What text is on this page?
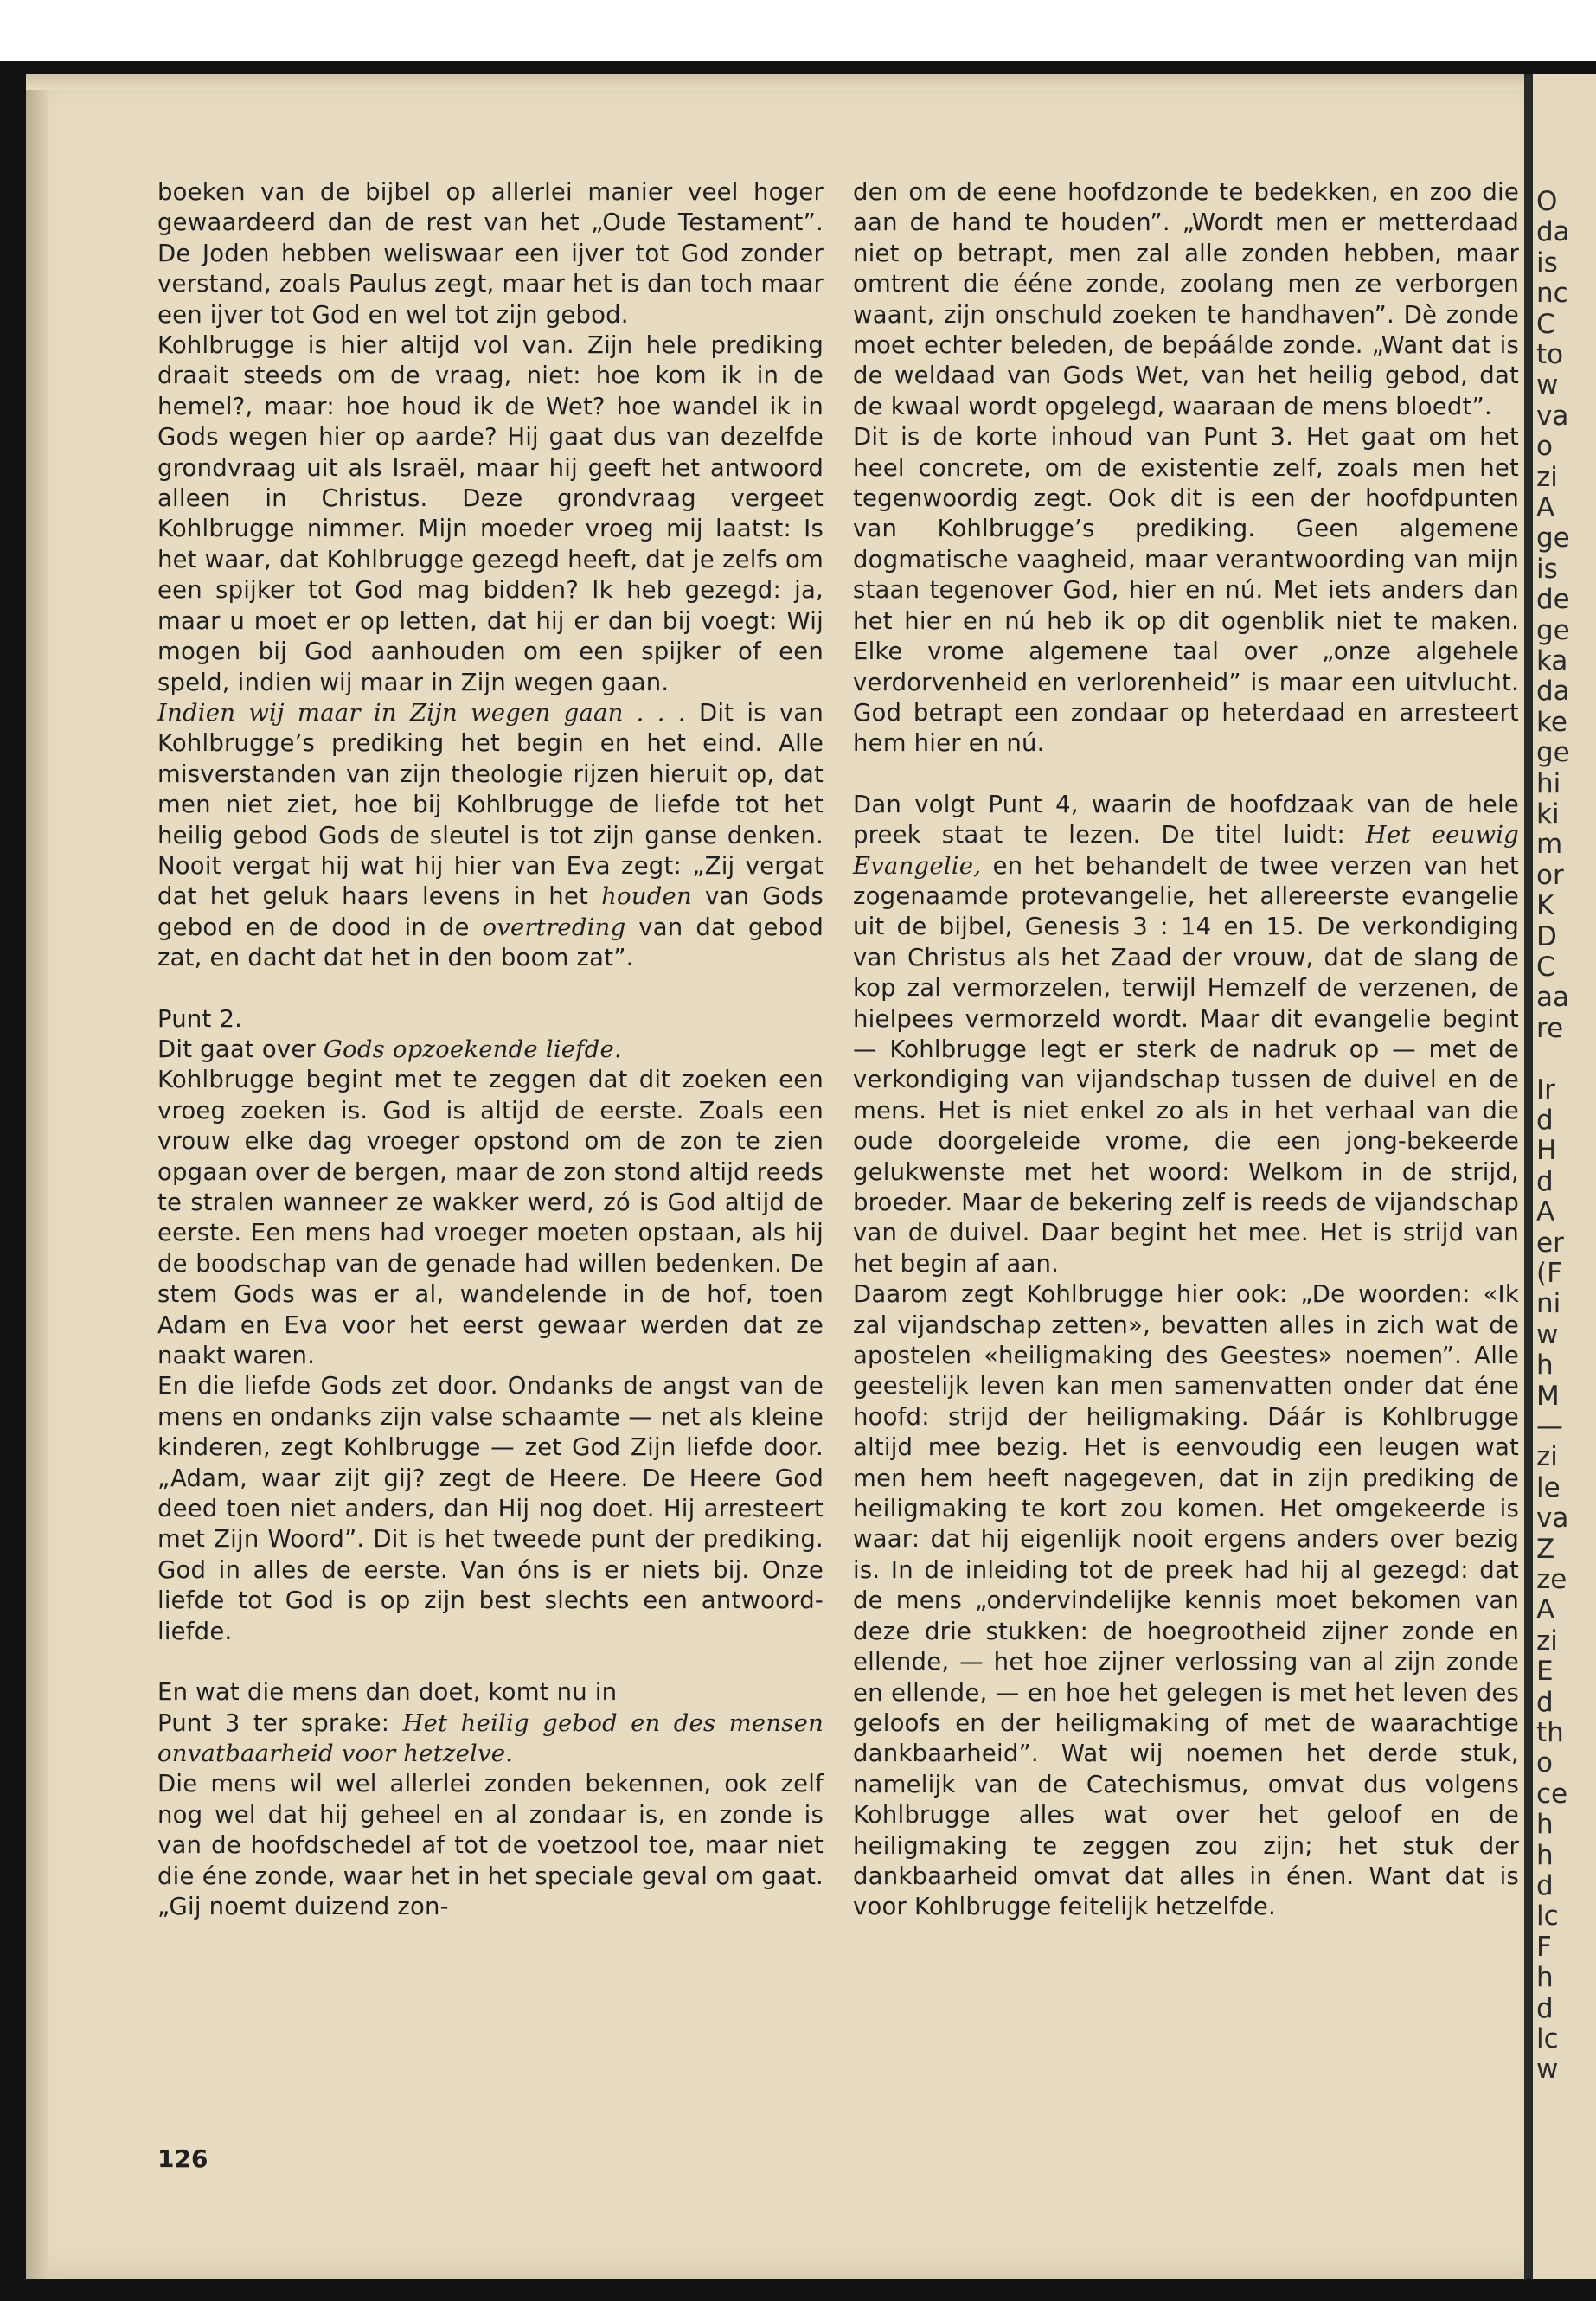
O
da
is
nc
C
to
w
va
o
zi
A
ge
is
de
ge
ka
da
ke
ge
hi
ki
m
or
K
D
C
aa
re
Ir
d
H
d
A
er
(F
ni
w
h
M
—
zi
le
va
Z
ze
A
zi
E
d
th
o
ce
h
h
d
lc
F
h
d
lc
w

boeken van de bijbel op allerlei manier veel hoger gewaardeerd dan de rest van het „Oude Testament”. De Joden hebben weliswaar een ijver tot God zonder verstand, zoals Paulus zegt, maar het is dan toch maar een ijver tot God en wel tot zijn gebod.

Kohlbrugge is hier altijd vol van. Zijn hele prediking draait steeds om de vraag, niet: hoe kom ik in de hemel?, maar: hoe houd ik de Wet? hoe wandel ik in Gods wegen hier op aarde? Hij gaat dus van dezelfde grondvraag uit als Israël, maar hij geeft het antwoord alleen in Christus. Deze grondvraag vergeet Kohlbrugge nimmer. Mijn moeder vroeg mij laatst: Is het waar, dat Kohlbrugge gezegd heeft, dat je zelfs om een spijker tot God mag bidden? Ik heb gezegd: ja, maar u moet er op letten, dat hij er dan bij voegt: Wij mogen bij God aanhouden om een spijker of een speld, indien wij maar in Zijn wegen gaan.

Indien wij maar in Zijn wegen gaan . . . Dit is van Kohlbrugge’s prediking het begin en het eind. Alle misverstanden van zijn theologie rijzen hieruit op, dat men niet ziet, hoe bij Kohlbrugge de liefde tot het heilig gebod Gods de sleutel is tot zijn ganse denken. Nooit vergat hij wat hij hier van Eva zegt: „Zij vergat dat het geluk haars levens in het houden van Gods gebod en de dood in de overtreding van dat gebod zat, en dacht dat het in den boom zat”.

Punt 2.

Dit gaat over Gods opzoekende liefde.

Kohlbrugge begint met te zeggen dat dit zoeken een vroeg zoeken is. God is altijd de eerste. Zoals een vrouw elke dag vroeger opstond om de zon te zien opgaan over de bergen, maar de zon stond altijd reeds te stralen wanneer ze wakker werd, zó is God altijd de eerste. Een mens had vroeger moeten opstaan, als hij de boodschap van de genade had willen bedenken. De stem Gods was er al, wandelende in de hof, toen Adam en Eva voor het eerst gewaar werden dat ze naakt waren.

En die liefde Gods zet door. Ondanks de angst van de mens en ondanks zijn valse schaamte — net als kleine kinderen, zegt Kohlbrugge — zet God Zijn liefde door. „Adam, waar zijt gij? zegt de Heere. De Heere God deed toen niet anders, dan Hij nog doet. Hij arresteert met Zijn Woord”. Dit is het tweede punt der prediking. God in alles de eerste. Van óns is er niets bij. Onze liefde tot God is op zijn best slechts een antwoord-liefde.

En wat die mens dan doet, komt nu in

Punt 3 ter sprake: Het heilig gebod en des mensen onvatbaarheid voor hetzelve.

Die mens wil wel allerlei zonden bekennen, ook zelf nog wel dat hij geheel en al zondaar is, en zonde is van de hoofdschedel af tot de voetzool toe, maar niet die éne zonde, waar het in het speciale geval om gaat. „Gij noemt duizend zon-

den om de eene hoofdzonde te bedekken, en zoo die aan de hand te houden”. „Wordt men er metterdaad niet op betrapt, men zal alle zonden hebben, maar omtrent die ééne zonde, zoolang men ze verborgen waant, zijn onschuld zoeken te handhaven”. Dè zonde moet echter beleden, de bepáálde zonde. „Want dat is de weldaad van Gods Wet, van het heilig gebod, dat de kwaal wordt opgelegd, waaraan de mens bloedt”.

Dit is de korte inhoud van Punt 3. Het gaat om het heel concrete, om de existentie zelf, zoals men het tegenwoordig zegt. Ook dit is een der hoofdpunten van Kohlbrugge’s prediking. Geen algemene dogmatische vaagheid, maar verantwoording van mijn staan tegenover God, hier en nú. Met iets anders dan het hier en nú heb ik op dit ogenblik niet te maken. Elke vrome algemene taal over „onze algehele verdorvenheid en verlorenheid” is maar een uitvlucht. God betrapt een zondaar op heterdaad en arresteert hem hier en nú.

Dan volgt Punt 4, waarin de hoofdzaak van de hele preek staat te lezen. De titel luidt: Het eeuwig Evangelie, en het behandelt de twee verzen van het zogenaamde protevangelie, het allereerste evangelie uit de bijbel, Genesis 3 : 14 en 15. De verkondiging van Christus als het Zaad der vrouw, dat de slang de kop zal vermorzelen, terwijl Hemzelf de verzenen, de hielpees vermorzeld wordt. Maar dit evangelie begint — Kohlbrugge legt er sterk de nadruk op — met de verkondiging van vijandschap tussen de duivel en de mens. Het is niet enkel zo als in het verhaal van die oude doorgeleide vrome, die een jong-bekeerde gelukwenste met het woord: Welkom in de strijd, broeder. Maar de bekering zelf is reeds de vijandschap van de duivel. Daar begint het mee. Het is strijd van het begin af aan.

Daarom zegt Kohlbrugge hier ook: „De woorden: «Ik zal vijandschap zetten», bevatten alles in zich wat de apostelen «heiligmaking des Geestes» noemen”. Alle geestelijk leven kan men samenvatten onder dat éne hoofd: strijd der heiligmaking. Dáár is Kohlbrugge altijd mee bezig. Het is eenvoudig een leugen wat men hem heeft nagegeven, dat in zijn prediking de heiligmaking te kort zou komen. Het omgekeerde is waar: dat hij eigenlijk nooit ergens anders over bezig is. In de inleiding tot de preek had hij al gezegd: dat de mens „ondervindelijke kennis moet bekomen van deze drie stukken: de hoegrootheid zijner zonde en ellende, — het hoe zijner verlossing van al zijn zonde en ellende, — en hoe het gelegen is met het leven des geloofs en der heiligmaking of met de waarachtige dankbaarheid”. Wat wij noemen het derde stuk, namelijk van de Catechismus, omvat dus volgens Kohlbrugge alles wat over het geloof en de heiligmaking te zeggen zou zijn; het stuk der dankbaarheid omvat dat alles in énen. Want dat is voor Kohlbrugge feitelijk hetzelfde.

126
